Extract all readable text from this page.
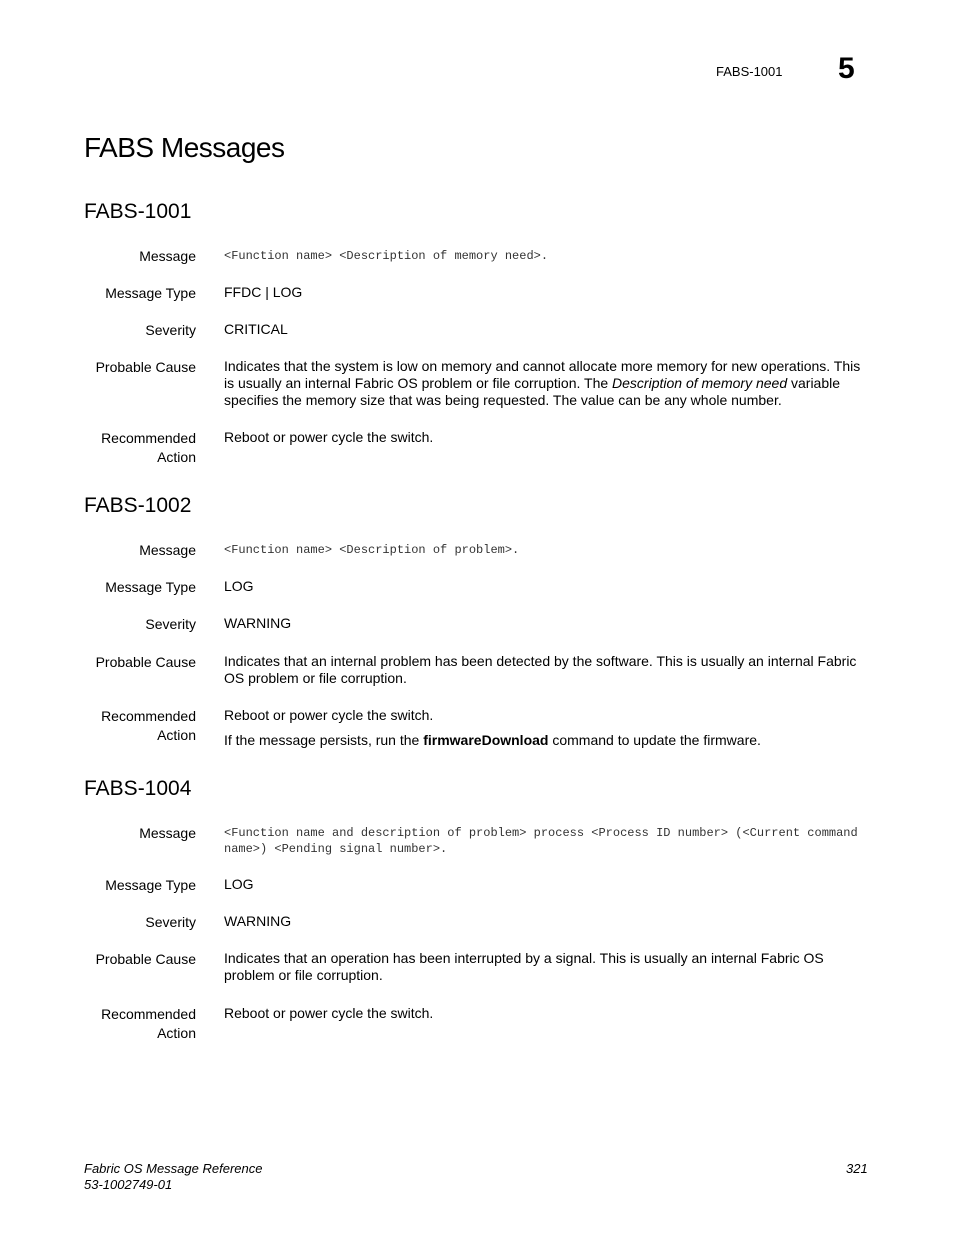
FABS-1001 5
FABS Messages
FABS-1001
Message <Function name> <Description of memory need>.
Message Type FFDC | LOG
Severity CRITICAL
Probable Cause Indicates that the system is low on memory and cannot allocate more memory for new operations. This is usually an internal Fabric OS problem or file corruption. The Description of memory need variable specifies the memory size that was being requested. The value can be any whole number.
Recommended
Action
Reboot or power cycle the switch.
FABS-1002
Message <Function name> <Description of problem>.
Message Type LOG
Severity WARNING
Probable Cause Indicates that an internal problem has been detected by the software. This is usually an internal Fabric OS problem or file corruption.
Recommended
Action
Reboot or power cycle the switch.
If the message persists, run the firmwareDownload command to update the firmware.
FABS-1004
Message <Function name and description of problem> process <Process ID number> (<Current command name>) <Pending signal number>.
Message Type LOG
Severity WARNING
Probable Cause Indicates that an operation has been interrupted by a signal. This is usually an internal Fabric OS problem or file corruption.
Recommended
Action
Reboot or power cycle the switch.
Fabric OS Message Reference
53-1002749-01
321
